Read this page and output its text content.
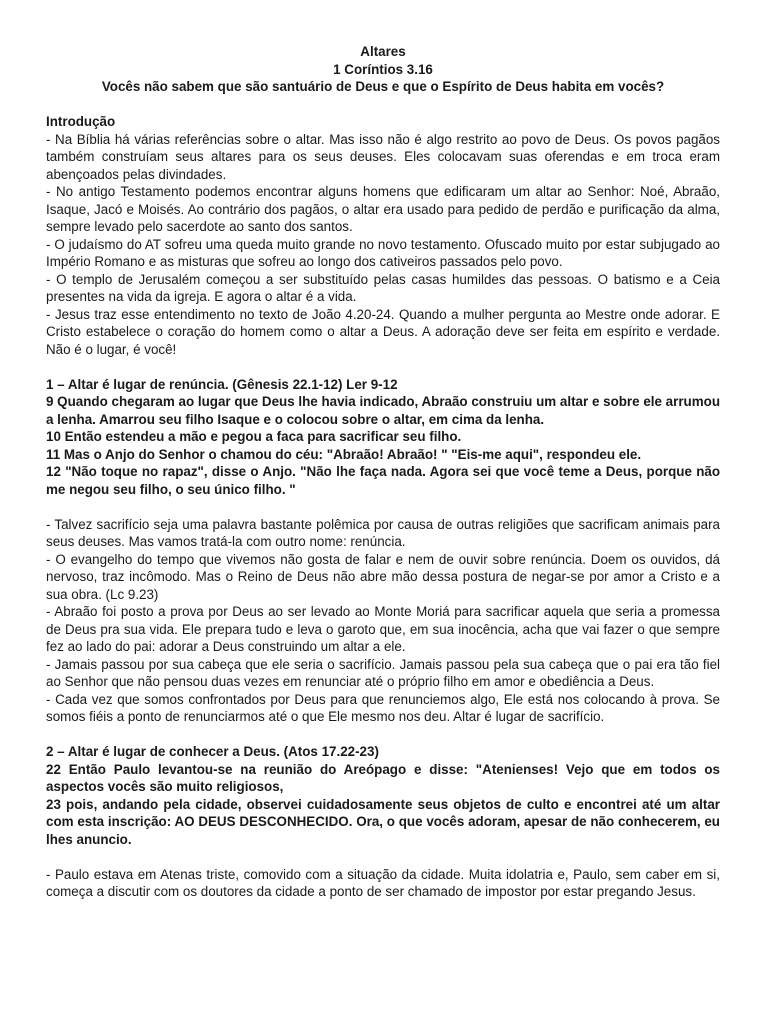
Altares
1 Coríntios 3.16
Vocês não sabem que são santuário de Deus e que o Espírito de Deus habita em vocês?
Introdução

- Na Bíblia há várias referências sobre o altar. Mas isso não é algo restrito ao povo de Deus. Os povos pagãos também construíam seus altares para os seus deuses. Eles colocavam suas oferendas e em troca eram abençoados pelas divindades.

- No antigo Testamento podemos encontrar alguns homens que edificaram um altar ao Senhor: Noé, Abraão, Isaque, Jacó e Moisés. Ao contrário dos pagãos, o altar era usado para pedido de perdão e purificação da alma, sempre levado pelo sacerdote ao santo dos santos.

- O judaísmo do AT sofreu uma queda muito grande no novo testamento. Ofuscado muito por estar subjugado ao Império Romano e as misturas que sofreu ao longo dos cativeiros passados pelo povo.

- O templo de Jerusalém começou a ser substituído pelas casas humildes das pessoas. O batismo e a Ceia presentes na vida da igreja. E agora o altar é a vida.

- Jesus traz esse entendimento no texto de João 4.20-24. Quando a mulher pergunta ao Mestre onde adorar. E Cristo estabelece o coração do homem como o altar a Deus. A adoração deve ser feita em espírito e verdade. Não é o lugar, é você!

1 – Altar é lugar de renúncia. (Gênesis 22.1-12) Ler 9-12

9 Quando chegaram ao lugar que Deus lhe havia indicado, Abraão construiu um altar e sobre ele arrumou a lenha. Amarrou seu filho Isaque e o colocou sobre o altar, em cima da lenha.

10 Então estendeu a mão e pegou a faca para sacrificar seu filho.

11 Mas o Anjo do Senhor o chamou do céu: "Abraão! Abraão! " "Eis-me aqui", respondeu ele.

12 "Não toque no rapaz", disse o Anjo. "Não lhe faça nada. Agora sei que você teme a Deus, porque não me negou seu filho, o seu único filho. "

- Talvez sacrifício seja uma palavra bastante polêmica por causa de outras religiões que sacrificam animais para seus deuses. Mas vamos tratá-la com outro nome: renúncia.

- O evangelho do tempo que vivemos não gosta de falar e nem de ouvir sobre renúncia. Doem os ouvidos, dá nervoso, traz incômodo. Mas o Reino de Deus não abre mão dessa postura de negar-se por amor a Cristo e a sua obra. (Lc 9.23)

- Abraão foi posto a prova por Deus ao ser levado ao Monte Moriá para sacrificar aquela que seria a promessa de Deus pra sua vida. Ele prepara tudo e leva o garoto que, em sua inocência, acha que vai fazer o que sempre fez ao lado do pai: adorar a Deus construindo um altar a ele.

- Jamais passou por sua cabeça que ele seria o sacrifício. Jamais passou pela sua cabeça que o pai era tão fiel ao Senhor que não pensou duas vezes em renunciar até o próprio filho em amor e obediência a Deus.

- Cada vez que somos confrontados por Deus para que renunciemos algo, Ele está nos colocando à prova. Se somos fiéis a ponto de renunciarmos até o que Ele mesmo nos deu. Altar é lugar de sacrifício.

2 – Altar é lugar de conhecer a Deus. (Atos 17.22-23)

22 Então Paulo levantou-se na reunião do Areópago e disse: "Atenienses! Vejo que em todos os aspectos vocês são muito religiosos,

23 pois, andando pela cidade, observei cuidadosamente seus objetos de culto e encontrei até um altar com esta inscrição: AO DEUS DESCONHECIDO. Ora, o que vocês adoram, apesar de não conhecerem, eu lhes anuncio.

- Paulo estava em Atenas triste, comovido com a situação da cidade. Muita idolatria e, Paulo, sem caber em si, começa a discutir com os doutores da cidade a ponto de ser chamado de impostor por estar pregando Jesus.
